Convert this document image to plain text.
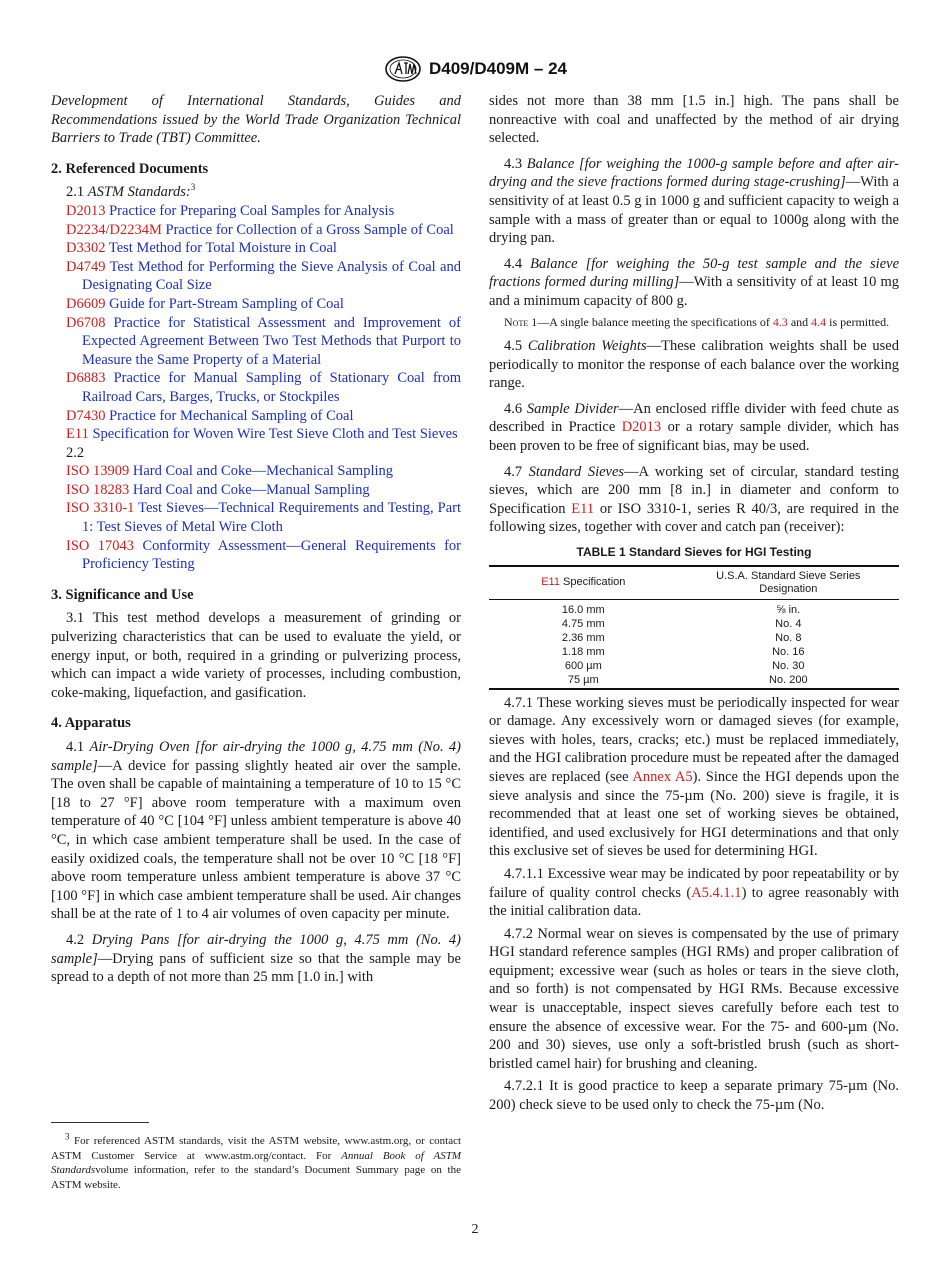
D409/D409M – 24

Development of International Standards, Guides and Recommendations issued by the World Trade Organization Technical Barriers to Trade (TBT) Committee.

2. Referenced Documents

2.1 ASTM Standards:$^3$

D2013 Practice for Preparing Coal Samples for Analysis
D2234/D2234M Practice for Collection of a Gross Sample of Coal
D3302 Test Method for Total Moisture in Coal
D4749 Test Method for Performing the Sieve Analysis of Coal and Designating Coal Size
D6609 Guide for Part-Stream Sampling of Coal
D6708 Practice for Statistical Assessment and Improvement of Expected Agreement Between Two Test Methods that Purport to Measure the Same Property of a Material
D6883 Practice for Manual Sampling of Stationary Coal from Railroad Cars, Barges, Trucks, or Stockpiles
D7430 Practice for Mechanical Sampling of Coal
E11 Specification for Woven Wire Test Sieve Cloth and Test Sieves

2.2

ISO 13909 Hard Coal and Coke—Mechanical Sampling
ISO 18283 Hard Coal and Coke—Manual Sampling
ISO 3310-1 Test Sieves—Technical Requirements and Testing, Part 1: Test Sieves of Metal Wire Cloth
ISO 17043 Conformity Assessment—General Requirements for Proficiency Testing
3. Significance and Use

3.1 This test method develops a measurement of grinding or pulverizing characteristics that can be used to evaluate the yield, or energy input, or both, required in a grinding or pulverizing process, which can impact a wide variety of processes, including combustion, coke-making, liquefaction, and gasification.

4. Apparatus

4.1 Air-Drying Oven [for air-drying the 1000 g, 4.75 mm (No. 4) sample]—A device for passing slightly heated air over the sample. The oven shall be capable of maintaining a temperature of 10 to 15 °C [18 to 27 °F] above room temperature with a maximum oven temperature of 40 °C [104 °F] unless ambient temperature is above 40 °C, in which case ambient temperature shall be used. In the case of easily oxidized coals, the temperature shall not be over 10 °C [18 °F] above room temperature unless ambient temperature is above 37 °C [100 °F] in which case ambient temperature shall be used. Air changes shall be at the rate of 1 to 4 air volumes of oven capacity per minute.

4.2 Drying Pans [for air-drying the 1000 g, 4.75 mm (No. 4) sample]—Drying pans of sufficient size so that the sample may be spread to a depth of not more than 25 mm [1.0 in.] with

$^3$ For referenced ASTM standards, visit the ASTM website, www.astm.org, or contact ASTM Customer Service at www.astm.org/contact. For Annual Book of ASTM Standardsvolume information, refer to the standard’s Document Summary page on the ASTM website.

sides not more than 38 mm [1.5 in.] high. The pans shall be nonreactive with coal and unaffected by the method of air drying selected.

4.3 Balance [for weighing the 1000-g sample before and after air-drying and the sieve fractions formed during stage-crushing]—With a sensitivity of at least 0.5 g in 1000 g and sufficient capacity to weigh a sample with a mass of greater than or equal to 1000g along with the drying pan.

4.4 Balance [for weighing the 50-g test sample and the sieve fractions formed during milling]—With a sensitivity of at least 10 mg and a minimum capacity of 800 g.

Note 1—A single balance meeting the specifications of 4.3 and 4.4 is permitted.

4.5 Calibration Weights—These calibration weights shall be used periodically to monitor the response of each balance over the working range.

4.6 Sample Divider—An enclosed riffle divider with feed chute as described in Practice D2013 or a rotary sample divider, which has been proven to be free of significant bias, may be used.

4.7 Standard Sieves—A working set of circular, standard testing sieves, which are 200 mm [8 in.] in diameter and conform to Specification E11 or ISO 3310-1, series R 40/3, are required in the following sizes, together with cover and catch pan (receiver):

TABLE 1 Standard Sieves for HGI Testing
E11 Specification	U.S.A. Standard Sieve Series Designation
16.0 mm	⅝ in.
4.75 mm	No. 4
2.36 mm	No. 8
1.18 mm	No. 16
600 µm	No. 30
75 µm	No. 200

4.7.1 These working sieves must be periodically inspected for wear or damage. Any excessively worn or damaged sieves (for example, sieves with holes, tears, cracks; etc.) must be replaced immediately, and the HGI calibration procedure must be repeated after the damaged sieves are replaced (see Annex A5). Since the HGI depends upon the sieve analysis and since the 75-µm (No. 200) sieve is fragile, it is recommended that at least one set of working sieves be obtained, identified, and used exclusively for HGI determinations and that only this exclusive set of sieves be used for determining HGI.

4.7.1.1 Excessive wear may be indicated by poor repeatability or by failure of quality control checks (A5.4.1.1) to agree reasonably with the initial calibration data.

4.7.2 Normal wear on sieves is compensated by the use of primary HGI standard reference samples (HGI RMs) and proper calibration of equipment; excessive wear (such as holes or tears in the sieve cloth, and so forth) is not compensated by HGI RMs. Because excessive wear is unacceptable, inspect sieves carefully before each test to ensure the absence of excessive wear. For the 75- and 600-µm (No. 200 and 30) sieves, use only a soft-bristled brush (such as short-bristled camel hair) for brushing and cleaning.

4.7.2.1 It is good practice to keep a separate primary 75-µm (No. 200) check sieve to be used only to check the 75-µm (No.

2
